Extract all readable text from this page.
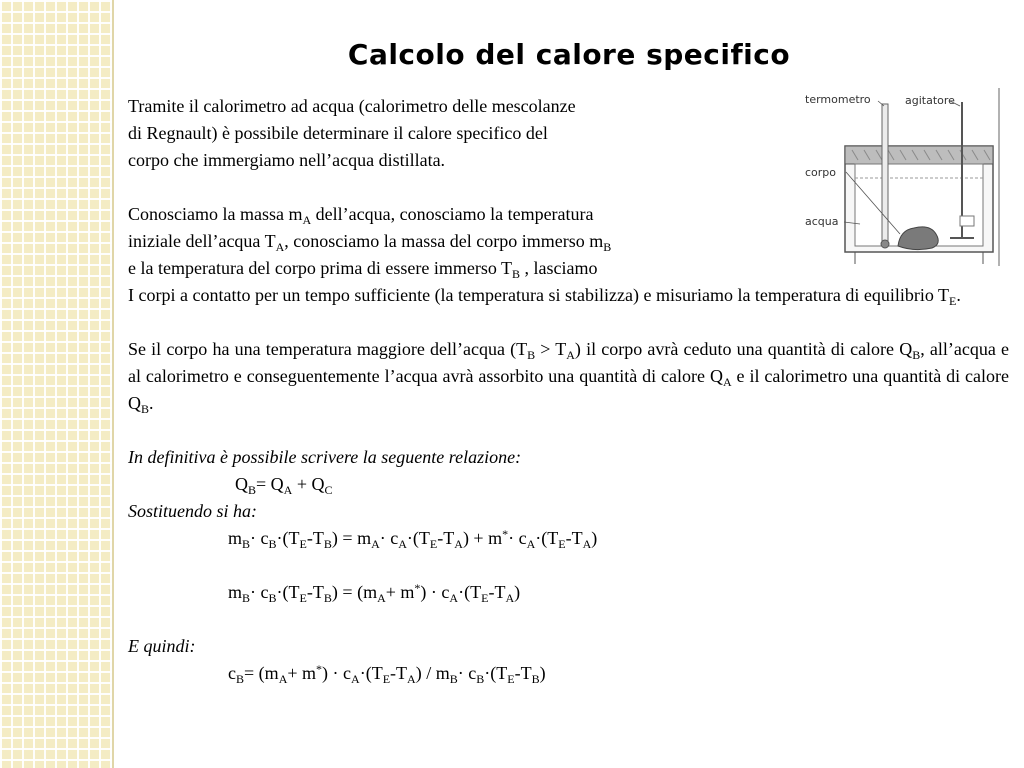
Calcolo del calore specifico
termometro	agitatore
corpo
acqua

Tramite il calorimetro ad acqua (calorimetro delle mescolanze

di Regnault) è possibile determinare il calore specifico del

corpo che immergiamo nell’acqua distillata.

Conosciamo la massa $m_A$ dell’acqua, conosciamo la temperatura

iniziale dell’acqua $T_A$, conosciamo la massa del corpo immerso $m_B$

e la temperatura del corpo prima di essere immerso $T_B$ , lasciamo

I corpi a contatto per un tempo sufficiente (la temperatura si stabilizza) e misuriamo la temperatura di equilibrio $T_E$.

Se il corpo ha una temperatura maggiore dell’acqua $(T_B > T_A)$ il corpo avrà ceduto una quantità di calore $Q_B$, all’acqua e al calorimetro e conseguentemente l’acqua avrà assorbito una quantità di calore $Q_A$ e il calorimetro una quantità di calore $Q_B$.

In definitiva è possibile scrivere la seguente relazione:

$Q_B= Q_A + Q_C$

Sostituendo si ha:

$m_B\cdot c_B\cdot(T_E-T_B) = m_A\cdot c_A\cdot(T_E-T_A) + m^*\cdot c_A\cdot(T_E-T_A)$

$m_B\cdot c_B\cdot(T_E-T_B) = (m_A+ m^*) \cdot c_A\cdot(T_E-T_A)$

E quindi:

$c_B= (m_A+ m^*) \cdot c_A\cdot(T_E-T_A) / m_B\cdot c_B\cdot(T_E-T_B)$
